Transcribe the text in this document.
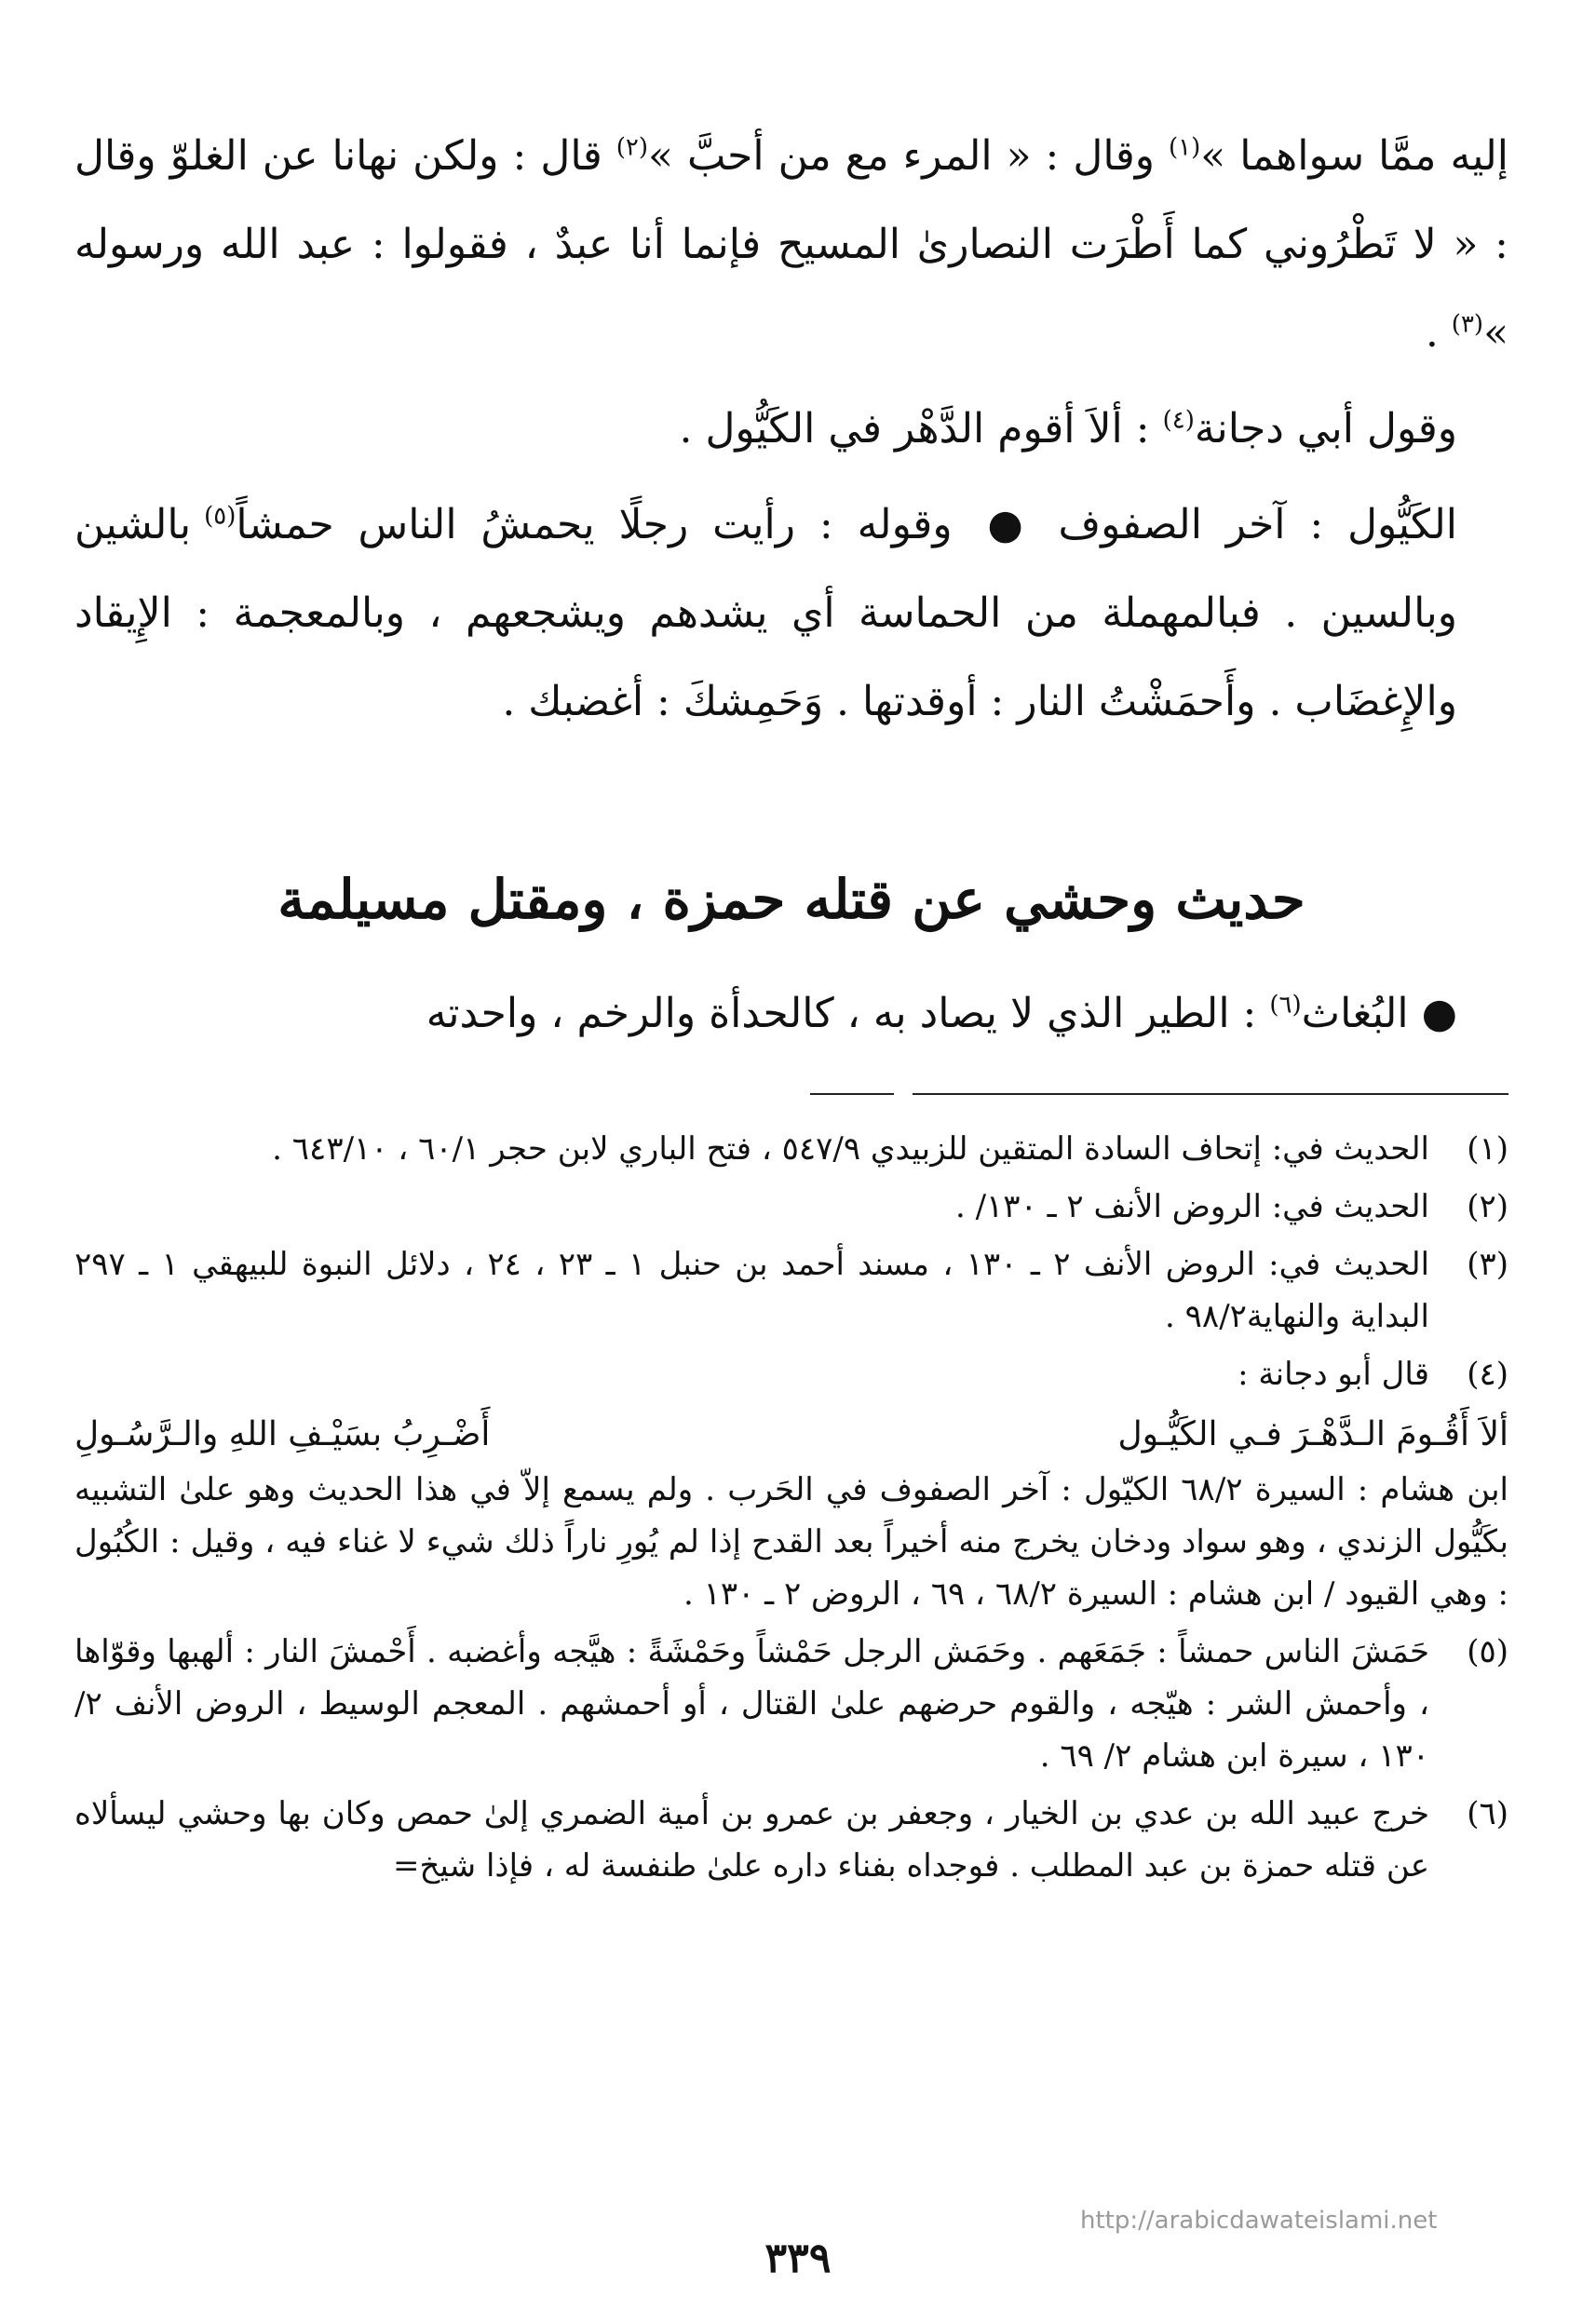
إليه ممَّا سواهما »$^{(١)}$ وقال : « المرء مع من أحبَّ »$^{(٢)}$ قال : ولكن نهانا عن الغلوّ وقال : « لا تَطْرُوني كما أَطْرَت النصارىٰ المسيح فإنما أنا عبدٌ ، فقولوا : عبد الله ورسوله »$^{(٣)}$ .

وقول أبي دجانة$^{(٤)}$ : ألاَ أقوم الدَّهْر في الكَيُّول .

الكَيُّول : آخر الصفوف ● وقوله : رأيت رجلًا يحمشُ الناس حمشاً$^{(٥)}$ بالشين وبالسين . فبالمهملة من الحماسة أي يشدهم ويشجعهم ، وبالمعجمة : الإِيقاد والإِغضَاب . وأَحمَشْتُ النار : أوقدتها . وَحَمِشكَ : أغضبك .

حديث وحشي عن قتله حمزة ، ومقتل مسيلمة

● البُغاث$^{(٦)}$ : الطير الذي لا يصاد به ، كالحدأة والرخم ، واحدته

(١)
الحديث في: إتحاف السادة المتقين للزبيدي ٥٤٧/٩ ، فتح الباري لابن حجر ٦٠/١ ، ٦٤٣/١٠ .
(٢)
الحديث في: الروض الأنف ٢ ـ ١٣٠/ .
(٣)
الحديث في: الروض الأنف ٢ ـ ١٣٠ ، مسند أحمد بن حنبل ١ ـ ٢٣ ، ٢٤ ، دلائل النبوة للبيهقي ١ ـ ٢٩٧ البداية والنهاية٩٨/٢ .
(٤)
قال أبو دجانة :
ألاَ أَقُـومَ الـدَّهْـرَ فـي الكَيُّـول
أَضْـرِبُ بسَيْـفِ اللهِ والـرَّسُـولِ
ابن هشام : السيرة ٦٨/٢ الكيّول : آخر الصفوف في الحَرب . ولم يسمع إلاّ في هذا الحديث وهو علىٰ التشبيه بكَيُّول الزندي ، وهو سواد ودخان يخرج منه أخيراً بعد القدح إذا لم يُورِ ناراً ذلك شيء لا غناء فيه ، وقيل : الكُبُول : وهي القيود / ابن هشام : السيرة ٦٨/٢ ، ٦٩ ، الروض ٢ ـ ١٣٠ .
(٥)
حَمَشَ الناس حمشاً : جَمَعَهم . وحَمَش الرجل حَمْشاً وحَمْشَةً : هيَّجه وأغضبه . أَحْمشَ النار : ألهبها وقوّاها ، وأحمش الشر : هيّجه ، والقوم حرضهم علىٰ القتال ، أو أحمشهم . المعجم الوسيط ، الروض الأنف ٢/ ١٣٠ ، سيرة ابن هشام ٢/ ٦٩ .
(٦)
خرج عبيد الله بن عدي بن الخيار ، وجعفر بن عمرو بن أمية الضمري إلىٰ حمص وكان بها وحشي ليسألاه عن قتله حمزة بن عبد المطلب . فوجداه بفناء داره علىٰ طنفسة له ، فإذا شيخ=
http://arabicdawateislami.net
٣٣٩
